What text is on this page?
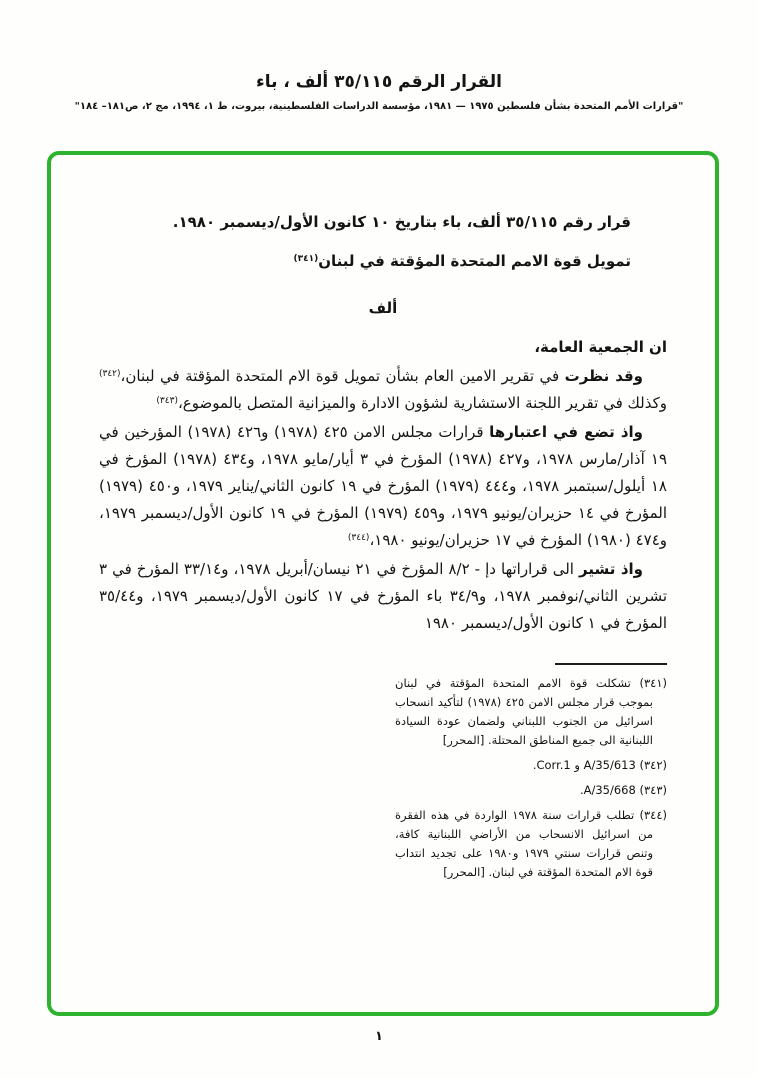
القرار الرقم ٣٥/١١٥ ألف ، باء
"قرارات الأمم المتحدة بشأن فلسطين ١٩٧٥ — ١٩٨١، مؤسسة الدراسات الفلسطينية، بيروت، ط ١، ١٩٩٤، مج ٢، ص١٨١– ١٨٤"

قرار رقم ٣٥/١١٥ ألف، باء بتاريخ ١٠ كانون الأول/ديسمبر ١٩٨٠.

تمويل قوة الامم المتحدة المؤقتة في لبنان$^{(٣٤١)}$

ألف

ان الجمعية العامة،

وقد نظرت في تقرير الامين العام بشأن تمويل قوة الام المتحدة المؤقتة في لبنان،$^{(٣٤٢)}$ وكذلك في تقرير اللجنة الاستشارية لشؤون الادارة والميزانية المتصل بالموضوع،$^{(٣٤٣)}$

واذ تضع في اعتبارها قرارات مجلس الامن ٤٢٥ (١٩٧٨) و٤٢٦ (١٩٧٨) المؤرخين في ١٩ آذار/مارس ١٩٧٨، و٤٢٧ (١٩٧٨) المؤرخ في ٣ أيار/مايو ١٩٧٨، و٤٣٤ (١٩٧٨) المؤرخ في ١٨ أيلول/سبتمبر ١٩٧٨، و٤٤٤ (١٩٧٩) المؤرخ في ١٩ كانون الثاني/يناير ١٩٧٩، و٤٥٠ (١٩٧٩) المؤرخ في ١٤ حزيران/يونيو ١٩٧٩، و٤٥٩ (١٩٧٩) المؤرخ في ١٩ كانون الأول/ديسمبر ١٩٧٩، و٤٧٤ (١٩٨٠) المؤرخ في ١٧ حزيران/يونيو ١٩٨٠،$^{(٣٤٤)}$

واذ تشير الى قراراتها دإ - ٨/٢ المؤرخ في ٢١ نيسان/أبريل ١٩٧٨، و٣٣/١٤ المؤرخ في ٣ تشرين الثاني/نوفمبر ١٩٧٨، و٣٤/٩ باء المؤرخ في ١٧ كانون الأول/ديسمبر ١٩٧٩، و٣٥/٤٤ المؤرخ في ١ كانون الأول/ديسمبر ١٩٨٠

(٣٤١) تشكلت قوة الامم المتحدة المؤقتة في لبنان بموجب قرار مجلس الامن ٤٢٥ (١٩٧٨) لتأكيد انسحاب اسرائيل من الجنوب اللبناني ولضمان عودة السيادة اللبنانية الى جميع المناطق المحتلة. [المحرر]

(٣٤٢) A/35/613 و Corr.1.

(٣٤٣) A/35/668.

(٣٤٤) تطلب قرارات سنة ١٩٧٨ الواردة في هذه الفقرة من اسرائيل الانسحاب من الأراضي اللبنانية كافة، وتنص قرارات سنتي ١٩٧٩ و١٩٨٠ على تجديد انتداب قوة الام المتحدة المؤقتة في لبنان. [المحرر]

١
